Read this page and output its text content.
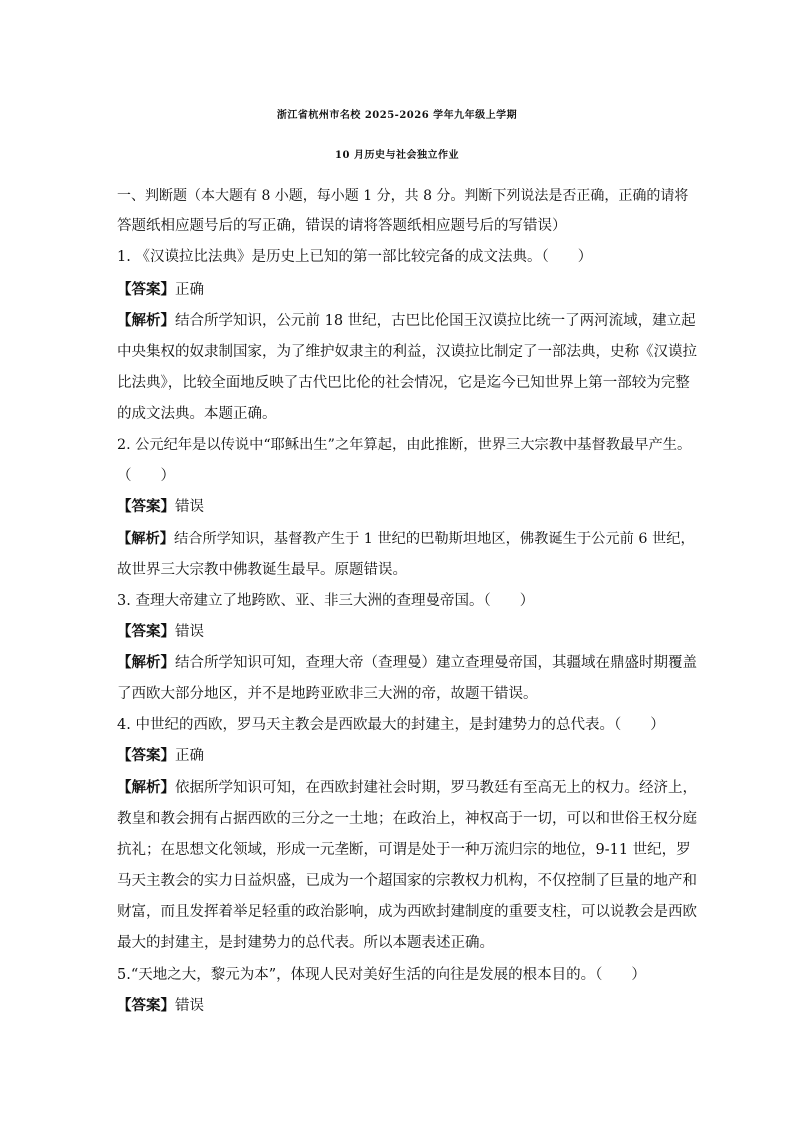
浙江省杭州市名校 2025-2026 学年九年级上学期
10 月历史与社会独立作业
一、判断题（本大题有 8 小题，每小题 1 分，共 8 分。判断下列说法是否正确，正确的请将
答题纸相应题号后的写正确，错误的请将答题纸相应题号后的写错误）
1. 《汉谟拉比法典》是历史上已知的第一部比较完备的成文法典。（　　）
【答案】正确
【解析】结合所学知识，公元前 18 世纪，古巴比伦国王汉谟拉比统一了两河流域，建立起
中央集权的奴隶制国家，为了维护奴隶主的利益，汉谟拉比制定了一部法典，史称《汉谟拉
比法典》，比较全面地反映了古代巴比伦的社会情况，它是迄今已知世界上第一部较为完整
的成文法典。本题正确。
2. 公元纪年是以传说中“耶稣出生”之年算起，由此推断，世界三大宗教中基督教最早产生。
（　　）
【答案】错误
【解析】结合所学知识，基督教产生于 1 世纪的巴勒斯坦地区，佛教诞生于公元前 6 世纪，
故世界三大宗教中佛教诞生最早。原题错误。
3. 查理大帝建立了地跨欧、亚、非三大洲的查理曼帝国。（　　）
【答案】错误
【解析】结合所学知识可知，查理大帝（查理曼）建立查理曼帝国，其疆域在鼎盛时期覆盖
了西欧大部分地区，并不是地跨亚欧非三大洲的帝，故题干错误。
4. 中世纪的西欧，罗马天主教会是西欧最大的封建主，是封建势力的总代表。（　　）
【答案】正确
【解析】依据所学知识可知，在西欧封建社会时期，罗马教廷有至高无上的权力。经济上，
教皇和教会拥有占据西欧的三分之一土地；在政治上，神权高于一切，可以和世俗王权分庭
抗礼；在思想文化领域，形成一元垄断，可谓是处于一种万流归宗的地位，9-11 世纪，罗
马天主教会的实力日益炽盛，已成为一个超国家的宗教权力机构，不仅控制了巨量的地产和
财富，而且发挥着举足轻重的政治影响，成为西欧封建制度的重要支柱，可以说教会是西欧
最大的封建主，是封建势力的总代表。所以本题表述正确。
5.“天地之大，黎元为本”，体现人民对美好生活的向往是发展的根本目的。（　　）
【答案】错误
